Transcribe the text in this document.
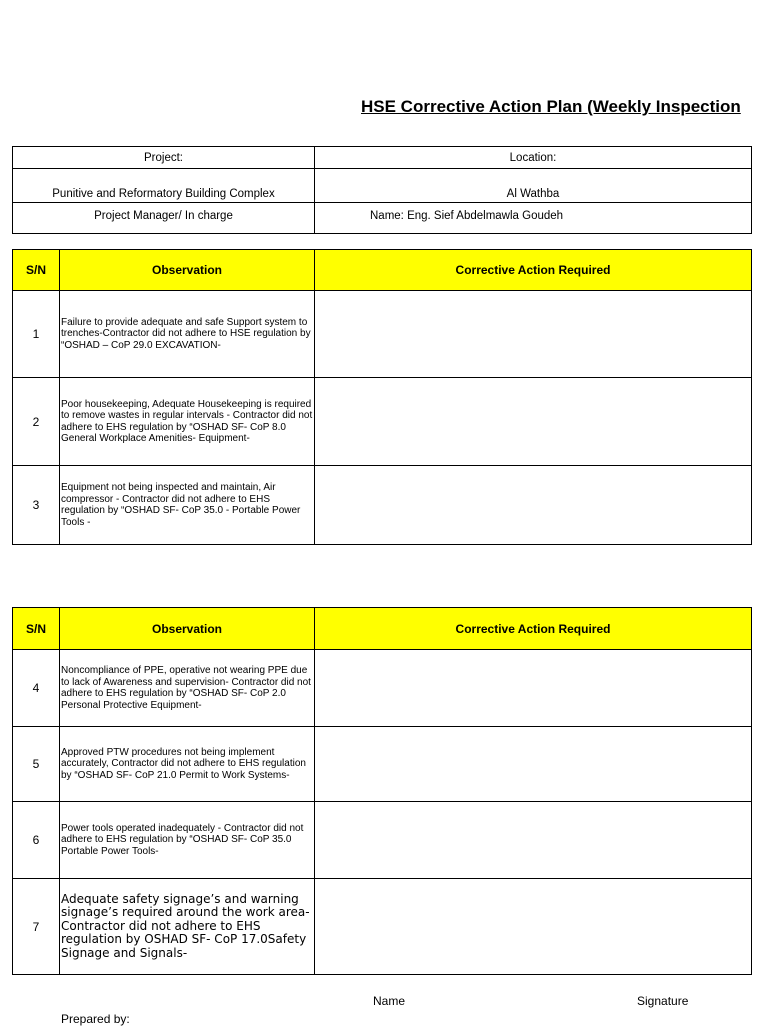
HSE Corrective Action Plan (Weekly Inspection
Project:	Location:
Punitive and Reformatory Building Complex	Al Wathba
Project Manager/ In charge	Name: Eng. Sief Abdelmawla Goudeh
S/N	Observation	Corrective Action Required
1	Failure to provide adequate and safe Support system to trenches-Contractor did not adhere to HSE regulation by “OSHAD – CoP 29.0 EXCAVATION-	
2	Poor housekeeping, Adequate Housekeeping is required to remove wastes in regular intervals - Contractor did not adhere to EHS regulation by “OSHAD SF- CoP 8.0 General Workplace Amenities- Equipment-	
3	Equipment not being inspected and maintain, Air compressor - Contractor did not adhere to EHS regulation by “OSHAD SF- CoP 35.0 - Portable Power Tools -	
S/N	Observation	Corrective Action Required
4	Noncompliance of PPE, operative not wearing PPE due to lack of Awareness and supervision- Contractor did not adhere to EHS regulation by “OSHAD SF- CoP 2.0 Personal Protective Equipment-	
5	Approved PTW procedures not being implement accurately, Contractor did not adhere to EHS regulation by “OSHAD SF- CoP 21.0 Permit to Work Systems-	
6	Power tools operated inadequately - Contractor did not adhere to EHS regulation by “OSHAD SF- CoP 35.0 Portable Power Tools-	
7	Adequate safety signage’s and warning signage’s required around the work area-Contractor did not adhere to EHS regulation by OSHAD SF- CoP 17.0Safety Signage and Signals-	
Name	Signature
Prepared by:
